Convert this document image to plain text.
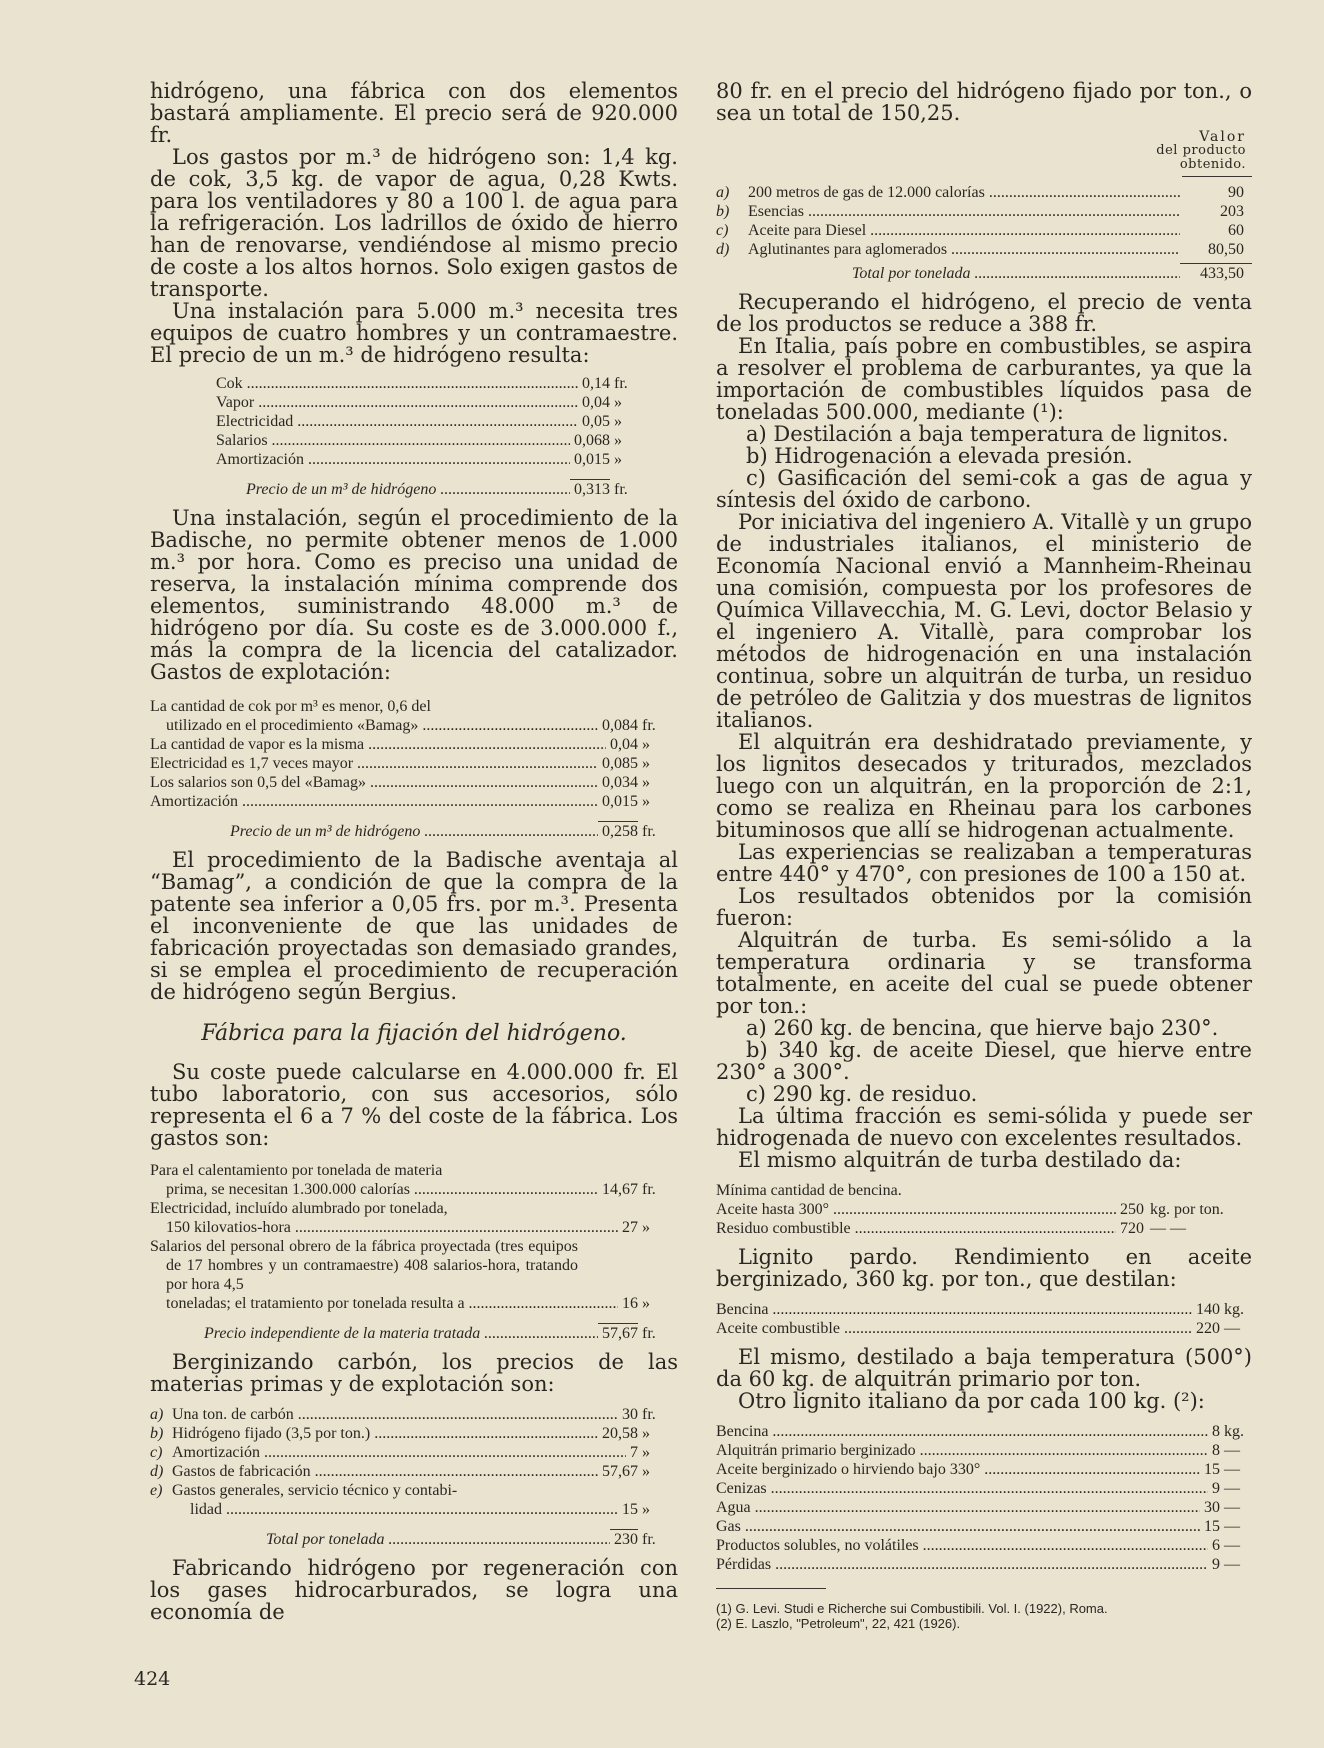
hidrógeno, una fábrica con dos elementos bastará ampliamente. El precio será de 920.000 fr.

Los gastos por m.³ de hidrógeno son: 1,4 kg. de cok, 3,5 kg. de vapor de agua, 0,28 Kwts. para los ventiladores y 80 a 100 l. de agua para la refrigeración. Los ladrillos de óxido de hierro han de renovarse, vendiéndose al mismo precio de coste a los altos hornos. Solo exigen gastos de transporte.

Una instalación para 5.000 m.³ necesita tres equipos de cuatro hombres y un contramaestre. El precio de un m.³ de hidrógeno resulta:

Cok .....	0,14 fr.
Vapor .....	0,04 »
Electricidad .....	0,05 »
Salarios .....	0,068 »
Amortización .....	0,015 »
Precio de un m³ de hidrógeno .....	0,313 fr.

Una instalación, según el procedimiento de la Badische, no permite obtener menos de 1.000 m.³ por hora. Como es preciso una unidad de reserva, la instalación mínima comprende dos elementos, suministrando 48.000 m.³ de hidrógeno por día. Su coste es de 3.000.000 f., más la compra de la licencia del catalizador. Gastos de explotación:

La cantidad de cok por m³ es menor, 0,6 del
utilizado en el procedimiento «Bamag» .....	0,084 fr.
La cantidad de vapor es la misma .....	0,04 »
Electricidad es 1,7 veces mayor .....	0,085 »
Los salarios son 0,5 del «Bamag» .....	0,034 »
Amortización .....	0,015 »
Precio de un m³ de hidrógeno .....	0,258 fr.

El procedimiento de la Badische aventaja al “Bamag”, a condición de que la compra de la patente sea inferior a 0,05 frs. por m.³. Presenta el inconveniente de que las unidades de fabricación proyectadas son demasiado grandes, si se emplea el procedimiento de recuperación de hidrógeno según Bergius.

Fábrica para la fijación del hidrógeno.

Su coste puede calcularse en 4.000.000 fr. El tubo laboratorio, con sus accesorios, sólo representa el 6 a 7 % del coste de la fábrica. Los gastos son:

Para el calentamiento por tonelada de materia
prima, se necesitan 1.300.000 calorías .....	14,67 fr.
Electricidad, incluído alumbrado por tonelada,
150 kilovatios-hora .....	27 »
Salarios del personal obrero de la fábrica proyectada (tres equipos de 17 hombres y un contramaestre) 408 salarios-hora, tratando por hora 4,5
toneladas; el tratamiento por tonelada resulta a .....	16 »
Precio independiente de la materia tratada .....	57,67 fr.

Berginizando carbón, los precios de las materias primas y de explotación son:

a) Una ton. de carbón .....	30 fr.
b) Hidrógeno fijado (3,5 por ton.) .....	20,58 »
c) Amortización .....	7 »
d) Gastos de fabricación .....	57,67 »
e) Gastos generales, servicio técnico y contabi-
lidad .....	15 »
Total por tonelada .....	230 fr.

Fabricando hidrógeno por regeneración con los gases hidrocarburados, se logra una economía de

80 fr. en el precio del hidrógeno fijado por ton., o sea un total de 150,25.

Valor
del producto
obtenido.
a)	200 metros de gas de 12.000 calorías .....	90
b)	Esencias .....	203
c)	Aceite para Diesel .....	60
d)	Aglutinantes para aglomerados .....	80,50
Total por tonelada .....	433,50

Recuperando el hidrógeno, el precio de venta de los productos se reduce a 388 fr.

En Italia, país pobre en combustibles, se aspira a resolver el problema de carburantes, ya que la importación de combustibles líquidos pasa de toneladas 500.000, mediante (¹):

a) Destilación a baja temperatura de lignitos.

b) Hidrogenación a elevada presión.

c) Gasificación del semi-cok a gas de agua y síntesis del óxido de carbono.

Por iniciativa del ingeniero A. Vitallè y un grupo de industriales italianos, el ministerio de Economía Nacional envió a Mannheim-Rheinau una comisión, compuesta por los profesores de Química Villavecchia, M. G. Levi, doctor Belasio y el ingeniero A. Vitallè, para comprobar los métodos de hidrogenación en una instalación continua, sobre un alquitrán de turba, un residuo de petróleo de Galitzia y dos muestras de lignitos italianos.

El alquitrán era deshidratado previamente, y los lignitos desecados y triturados, mezclados luego con un alquitrán, en la proporción de 2:1, como se realiza en Rheinau para los carbones bituminosos que allí se hidrogenan actualmente.

Las experiencias se realizaban a temperaturas entre 440° y 470°, con presiones de 100 a 150 at.

Los resultados obtenidos por la comisión fueron:

Alquitrán de turba. Es semi-sólido a la temperatura ordinaria y se transforma totalmente, en aceite del cual se puede obtener por ton.:

a) 260 kg. de bencina, que hierve bajo 230°.

b) 340 kg. de aceite Diesel, que hierve entre 230° a 300°.

c) 290 kg. de residuo.

La última fracción es semi-sólida y puede ser hidrogenada de nuevo con excelentes resultados.

El mismo alquitrán de turba destilado da:

Mínima cantidad de bencina.
Aceite hasta 300° .....	250 kg. por ton.
Residuo combustible .....	720 — —

Lignito pardo. Rendimiento en aceite berginizado, 360 kg. por ton., que destilan:

Bencina .....	140 kg.
Aceite combustible .....	220 —

El mismo, destilado a baja temperatura (500°) da 60 kg. de alquitrán primario por ton.

Otro lignito italiano da por cada 100 kg. (²):

Bencina .....	8 kg.
Alquitrán primario berginizado .....	8 —
Aceite berginizado o hirviendo bajo 330° .....	15 —
Cenizas .....	9 —
Agua .....	30 —
Gas .....	15 —
Productos solubles, no volátiles .....	6 —
Pérdidas .....	9 —
(1) G. Levi. Studi e Richerche sui Combustibili. Vol. I. (1922), Roma.
(2) E. Laszlo, "Petroleum", 22, 421 (1926).
424
